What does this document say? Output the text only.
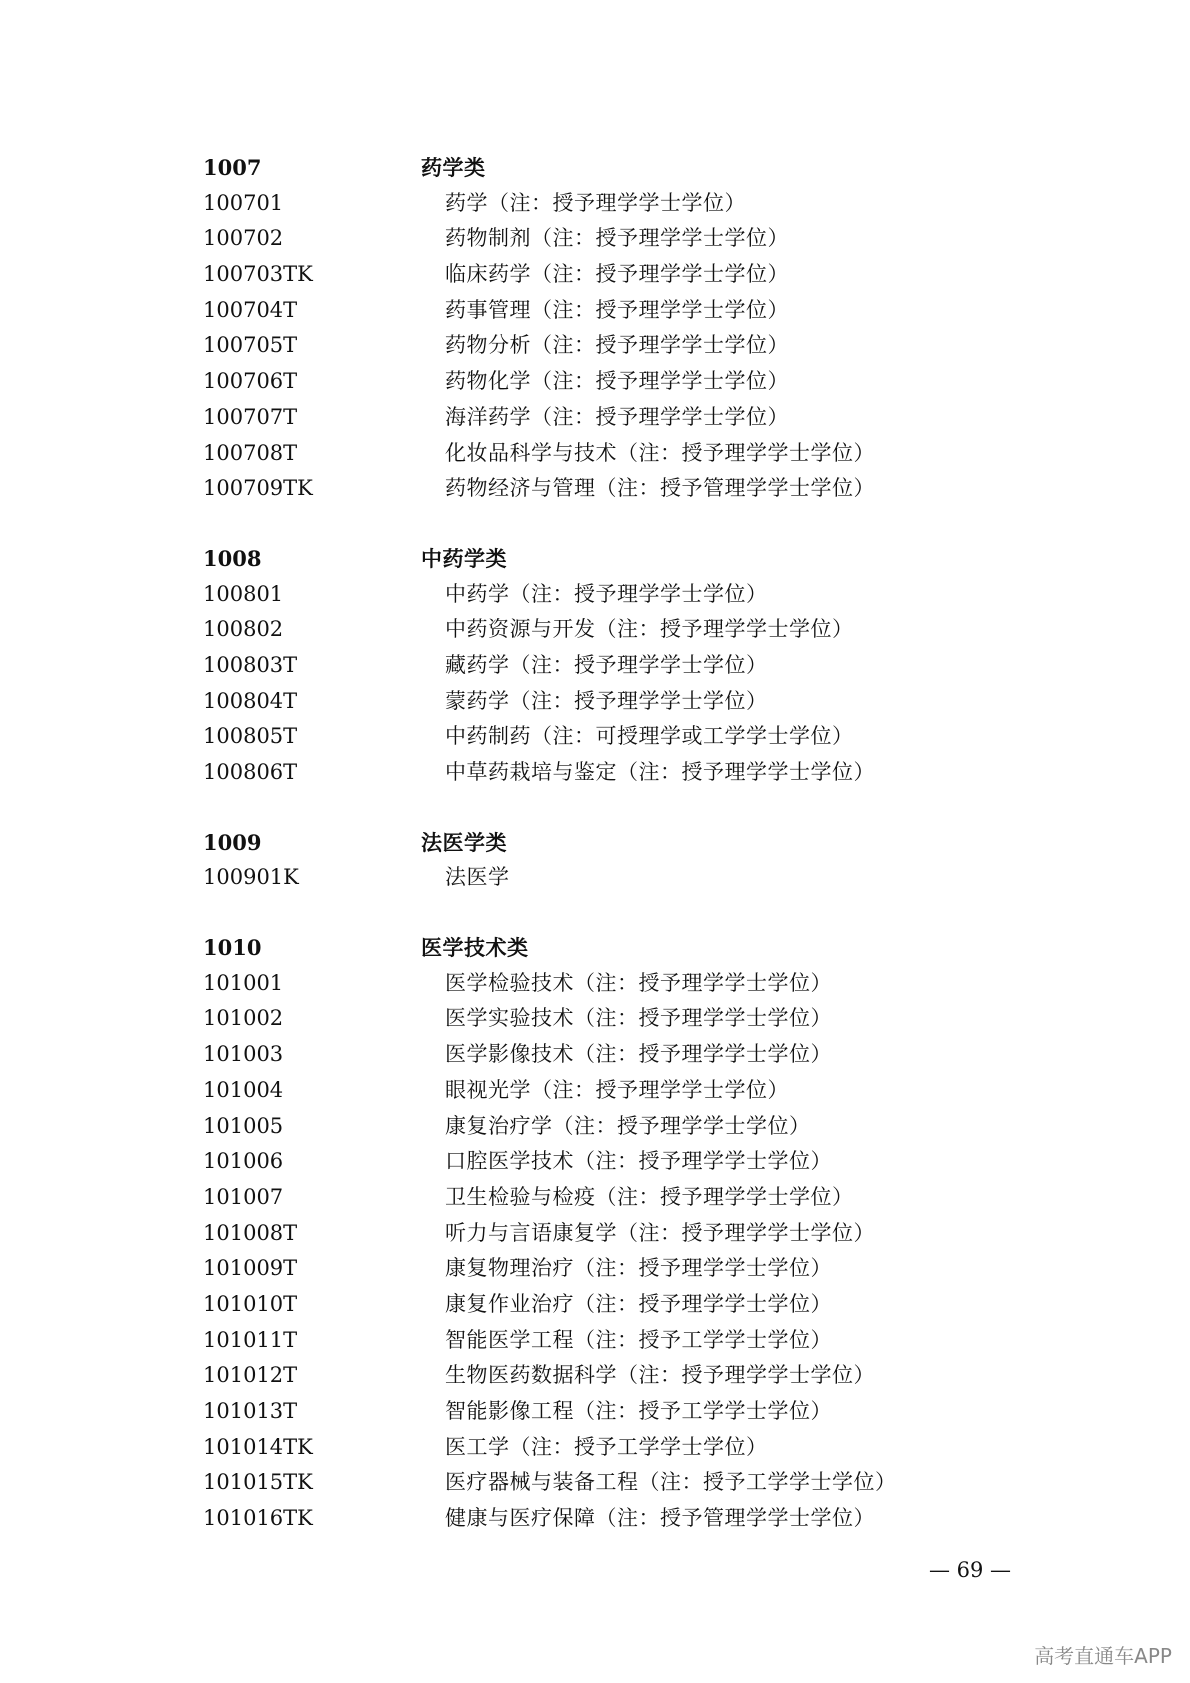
1007	药学类
100701	药学（注：授予理学学士学位）
100702	药物制剂（注：授予理学学士学位）
100703TK	临床药学（注：授予理学学士学位）
100704T	药事管理（注：授予理学学士学位）
100705T	药物分析（注：授予理学学士学位）
100706T	药物化学（注：授予理学学士学位）
100707T	海洋药学（注：授予理学学士学位）
100708T	化妆品科学与技术（注：授予理学学士学位）
100709TK	药物经济与管理（注：授予管理学学士学位）
1008	中药学类
100801	中药学（注：授予理学学士学位）
100802	中药资源与开发（注：授予理学学士学位）
100803T	藏药学（注：授予理学学士学位）
100804T	蒙药学（注：授予理学学士学位）
100805T	中药制药（注：可授理学或工学学士学位）
100806T	中草药栽培与鉴定（注：授予理学学士学位）
1009	法医学类
100901K	法医学
1010	医学技术类
101001	医学检验技术（注：授予理学学士学位）
101002	医学实验技术（注：授予理学学士学位）
101003	医学影像技术（注：授予理学学士学位）
101004	眼视光学（注：授予理学学士学位）
101005	康复治疗学（注：授予理学学士学位）
101006	口腔医学技术（注：授予理学学士学位）
101007	卫生检验与检疫（注：授予理学学士学位）
101008T	听力与言语康复学（注：授予理学学士学位）
101009T	康复物理治疗（注：授予理学学士学位）
101010T	康复作业治疗（注：授予理学学士学位）
101011T	智能医学工程（注：授予工学学士学位）
101012T	生物医药数据科学（注：授予理学学士学位）
101013T	智能影像工程（注：授予工学学士学位）
101014TK	医工学（注：授予工学学士学位）
101015TK	医疗器械与装备工程（注：授予工学学士学位）
101016TK	健康与医疗保障（注：授予管理学学士学位）
— 69 —
高考直通车APP
